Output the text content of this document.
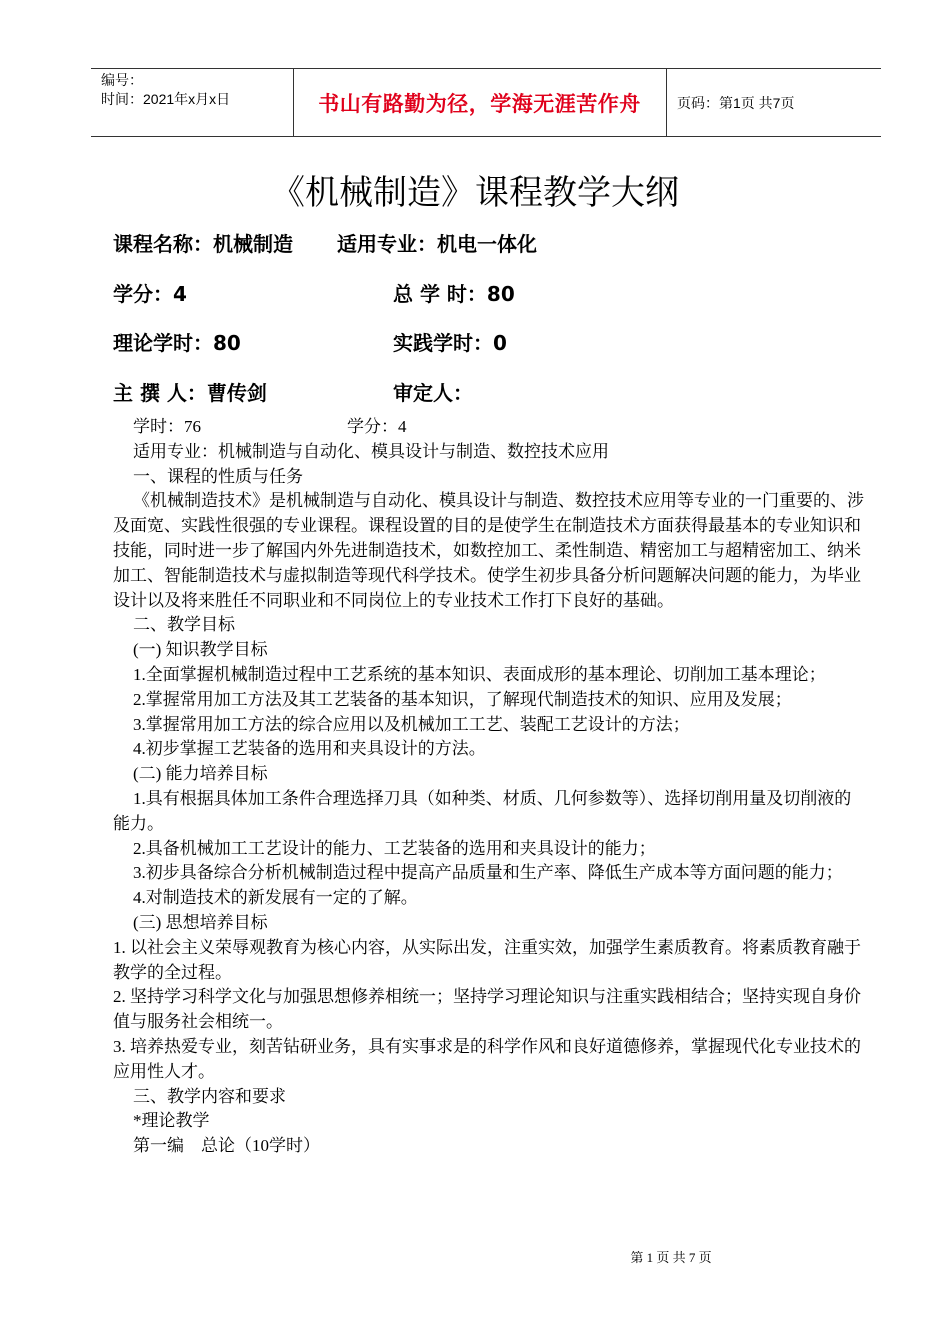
编号：
时间：2021年x月x日	书山有路勤为径，学海无涯苦作舟	页码：第1页 共7页
《机械制造》课程教学大纲
课程名称：机械制造 适用专业：机电一体化
学分：4	总 学 时：80
理论学时：80	实践学时：0
主 撰 人：曹传剑	审定人：

学时：76	学分：4

适用专业：机械制造与自动化、模具设计与制造、数控技术应用

一、课程的性质与任务

《机械制造技术》是机械制造与自动化、模具设计与制造、数控技术应用等专业的一门重要的、涉及面宽、实践性很强的专业课程。课程设置的目的是使学生在制造技术方面获得最基本的专业知识和技能，同时进一步了解国内外先进制造技术，如数控加工、柔性制造、精密加工与超精密加工、纳米加工、智能制造技术与虚拟制造等现代科学技术。使学生初步具备分析问题解决问题的能力，为毕业设计以及将来胜任不同职业和不同岗位上的专业技术工作打下良好的基础。

二、教学目标

(一) 知识教学目标

1.全面掌握机械制造过程中工艺系统的基本知识、表面成形的基本理论、切削加工基本理论；

2.掌握常用加工方法及其工艺装备的基本知识，了解现代制造技术的知识、应用及发展；

3.掌握常用加工方法的综合应用以及机械加工工艺、装配工艺设计的方法；

4.初步掌握工艺装备的选用和夹具设计的方法。

(二) 能力培养目标

1.具有根据具体加工条件合理选择刀具（如种类、材质、几何参数等）、选择切削用量及切削液的能力。

2.具备机械加工工艺设计的能力、工艺装备的选用和夹具设计的能力；

3.初步具备综合分析机械制造过程中提高产品质量和生产率、降低生产成本等方面问题的能力；

4.对制造技术的新发展有一定的了解。

(三) 思想培养目标

1. 以社会主义荣辱观教育为核心内容，从实际出发，注重实效，加强学生素质教育。将素质教育融于教学的全过程。

2. 坚持学习科学文化与加强思想修养相统一；坚持学习理论知识与注重实践相结合；坚持实现自身价值与服务社会相统一。

3. 培养热爱专业，刻苦钻研业务，具有实事求是的科学作风和良好道德修养，掌握现代化专业技术的应用性人才。

三、教学内容和要求

*理论教学

第一编    总论（10学时）

第 1 页 共 7 页
